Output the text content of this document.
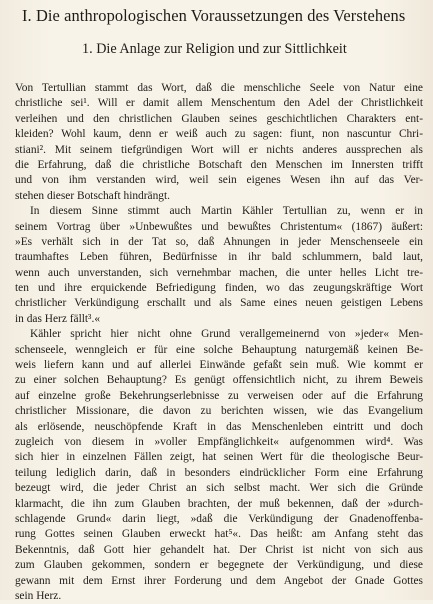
I. Die anthropologischen Voraussetzungen des Verstehens
1. Die Anlage zur Religion und zur Sittlichkeit
Von Tertullian stammt das Wort, daß die menschliche Seele von Natur eine
christliche sei¹. Will er damit allem Menschentum den Adel der Christlichkeit
verleihen und den christlichen Glauben seines geschichtlichen Charakters ent-
kleiden? Wohl kaum, denn er weiß auch zu sagen: fiunt, non nascuntur Chri-
stiani². Mit seinem tiefgründigen Wort will er nichts anderes aussprechen als
die Erfahrung, daß die christliche Botschaft den Menschen im Innersten trifft
und von ihm verstanden wird, weil sein eigenes Wesen ihn auf das Ver-
stehen dieser Botschaft hindrängt.
In diesem Sinne stimmt auch Martin Kähler Tertullian zu, wenn er in
seinem Vortrag über »Unbewußtes und bewußtes Christentum« (1867) äußert:
»Es verhält sich in der Tat so, daß Ahnungen in jeder Menschenseele ein
traumhaftes Leben führen, Bedürfnisse in ihr bald schlummern, bald laut,
wenn auch unverstanden, sich vernehmbar machen, die unter helles Licht tre-
ten und ihre erquickende Befriedigung finden, wo das zeugungskräftige Wort
christlicher Verkündigung erschallt und als Same eines neuen geistigen Lebens
in das Herz fällt³.«
Kähler spricht hier nicht ohne Grund verallgemeinernd von »jeder« Men-
schenseele, wenngleich er für eine solche Behauptung naturgemäß keinen Be-
weis liefern kann und auf allerlei Einwände gefaßt sein muß. Wie kommt er
zu einer solchen Behauptung? Es genügt offensichtlich nicht, zu ihrem Beweis
auf einzelne große Bekehrungserlebnisse zu verweisen oder auf die Erfahrung
christlicher Missionare, die davon zu berichten wissen, wie das Evangelium
als erlösende, neuschöpfende Kraft in das Menschenleben eintritt und doch
zugleich von diesem in »voller Empfänglichkeit« aufgenommen wird⁴. Was
sich hier in einzelnen Fällen zeigt, hat seinen Wert für die theologische Beur-
teilung lediglich darin, daß in besonders eindrücklicher Form eine Erfahrung
bezeugt wird, die jeder Christ an sich selbst macht. Wer sich die Gründe
klarmacht, die ihn zum Glauben brachten, der muß bekennen, daß der »durch-
schlagende Grund« darin liegt, »daß die Verkündigung der Gnadenoffenba-
rung Gottes seinen Glauben erweckt hat⁵«. Das heißt: am Anfang steht das
Bekenntnis, daß Gott hier gehandelt hat. Der Christ ist nicht von sich aus
zum Glauben gekommen, sondern er begegnete der Verkündigung, und diese
gewann mit dem Ernst ihrer Forderung und dem Angebot der Gnade Gottes
sein Herz.
